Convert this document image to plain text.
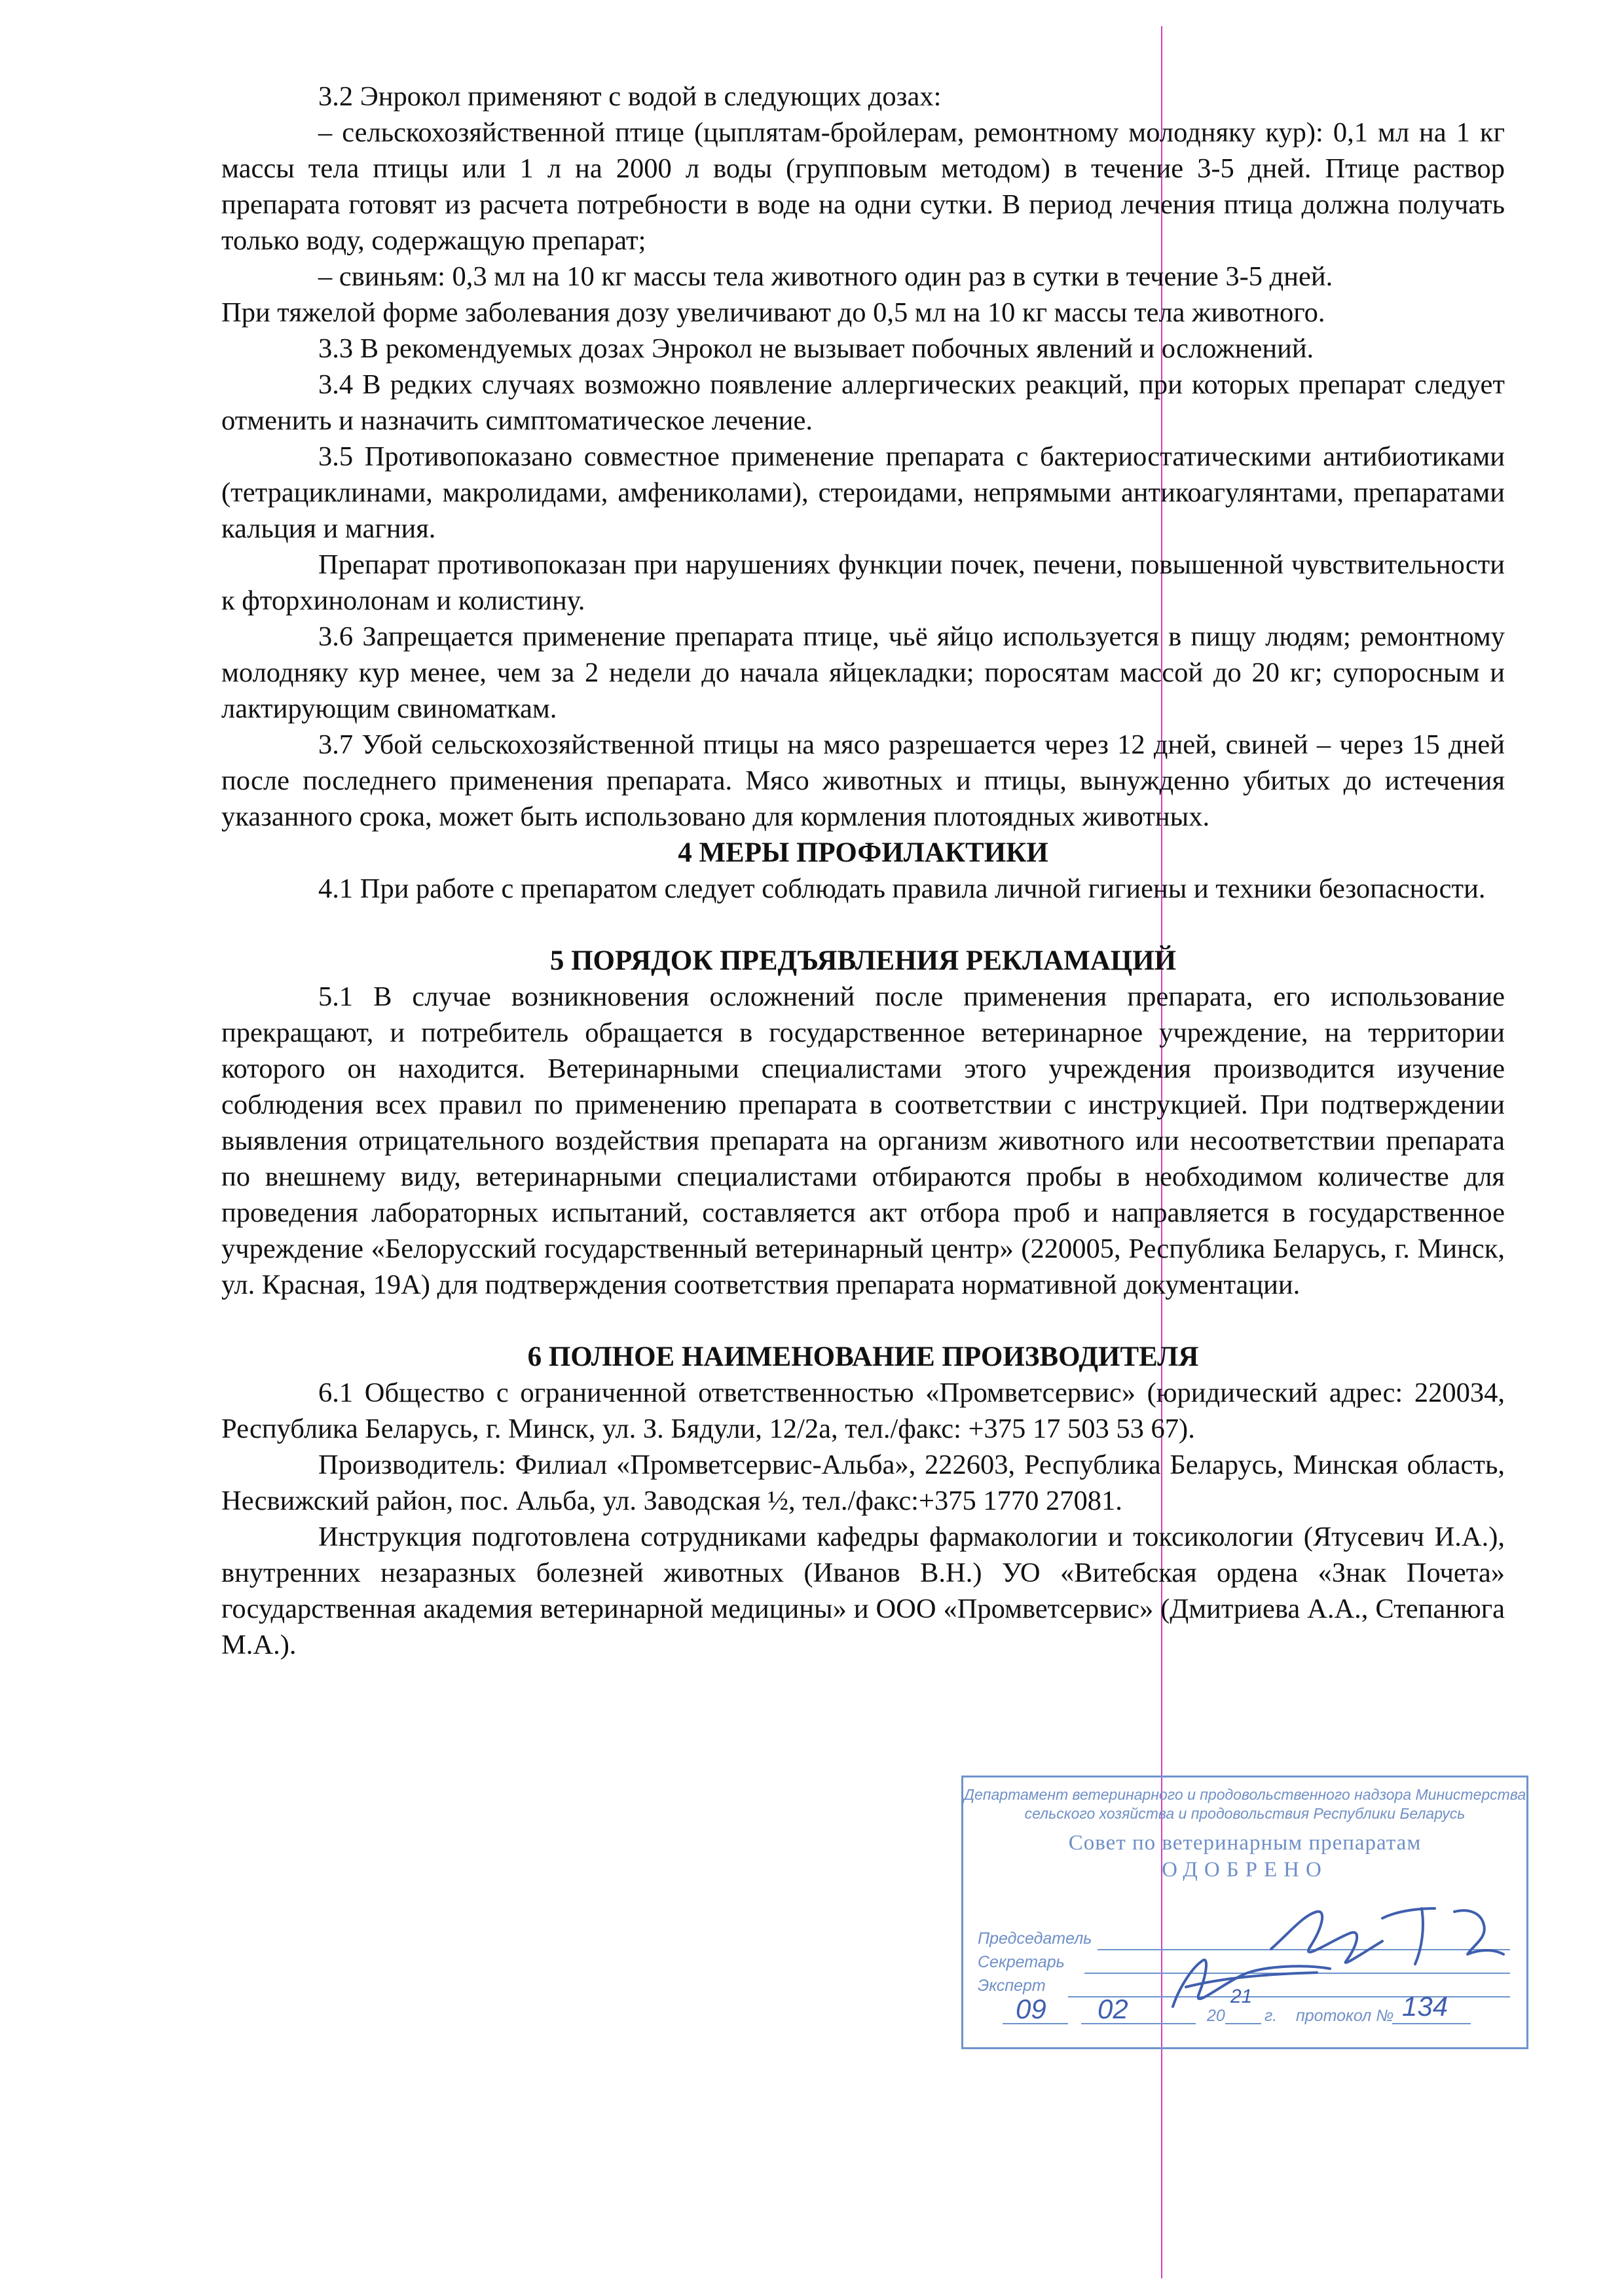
3.2 Энрокол применяют с водой в следующих дозах:

– сельскохозяйственной птице (цыплятам-бройлерам, ремонтному молодняку кур): 0,1 мл на 1 кг массы тела птицы или 1 л на 2000 л воды (групповым методом) в течение 3-5 дней. Птице раствор препарата готовят из расчета потребности в воде на одни сутки. В период лечения птица должна получать только воду, содержащую препарат;

– свиньям: 0,3 мл на 10 кг массы тела животного один раз в сутки в течение 3-5 дней.

При тяжелой форме заболевания дозу увеличивают до 0,5 мл на 10 кг массы тела животного.

3.3 В рекомендуемых дозах Энрокол не вызывает побочных явлений и осложнений.

3.4 В редких случаях возможно появление аллергических реакций, при которых препарат следует отменить и назначить симптоматическое лечение.

3.5 Противопоказано совместное применение препарата с бактериостатическими антибиотиками (тетрациклинами, макролидами, амфениколами), стероидами, непрямыми антикоагулянтами, препаратами кальция и магния.

Препарат противопоказан при нарушениях функции почек, печени, повышенной чувствительности к фторхинолонам и колистину.

3.6 Запрещается применение препарата птице, чьё яйцо используется в пищу людям; ремонтному молодняку кур менее, чем за 2 недели до начала яйцекладки; поросятам массой до 20 кг; супоросным и лактирующим свиноматкам.

3.7 Убой сельскохозяйственной птицы на мясо разрешается через 12 дней, свиней – через 15 дней после последнего применения препарата. Мясо животных и птицы, вынужденно убитых до истечения указанного срока, может быть использовано для кормления плотоядных животных.

4 МЕРЫ ПРОФИЛАКТИКИ

4.1 При работе с препаратом следует соблюдать правила личной гигиены и техники безопасности.

5 ПОРЯДОК ПРЕДЪЯВЛЕНИЯ РЕКЛАМАЦИЙ

5.1 В случае возникновения осложнений после применения препарата, его использование прекращают, и потребитель обращается в государственное ветеринарное учреждение, на территории которого он находится. Ветеринарными специалистами этого учреждения производится изучение соблюдения всех правил по применению препарата в соответствии с инструкцией. При подтверждении выявления отрицательного воздействия препарата на организм животного или несоответствии препарата по внешнему виду, ветеринарными специалистами отбираются пробы в необходимом количестве для проведения лабораторных испытаний, составляется акт отбора проб и направляется в государственное учреждение «Белорусский государственный ветеринарный центр» (220005, Республика Беларусь, г. Минск, ул. Красная, 19А) для подтверждения соответствия препарата нормативной документации.

6 ПОЛНОЕ НАИМЕНОВАНИЕ ПРОИЗВОДИТЕЛЯ

6.1 Общество с ограниченной ответственностью «Промветсервис» (юридический адрес: 220034, Республика Беларусь, г. Минск, ул. З. Бядули, 12/2а, тел./факс: +375 17 503 53 67).

Производитель: Филиал «Промветсервис-Альба», 222603, Республика Беларусь, Минская область, Несвижский район, пос. Альба, ул. Заводская ½, тел./факс:+375 1770 27081.

Инструкция подготовлена сотрудниками кафедры фармакологии и токсикологии (Ятусевич И.А.), внутренних незаразных болезней животных (Иванов В.Н.) УО «Витебская ордена «Знак Почета» государственная академия ветеринарной медицины» и ООО «Промветсервис» (Дмитриева А.А., Степанюга М.А.).

Департамент ветеринарного и продовольственного надзора Министерства сельского хозяйства и продовольствия Республики Беларусь
Совет по ветеринарным препаратам
ОДОБРЕНО
Председатель
Секретарь
Эксперт
09 02	20
21
г. протокол № 134
